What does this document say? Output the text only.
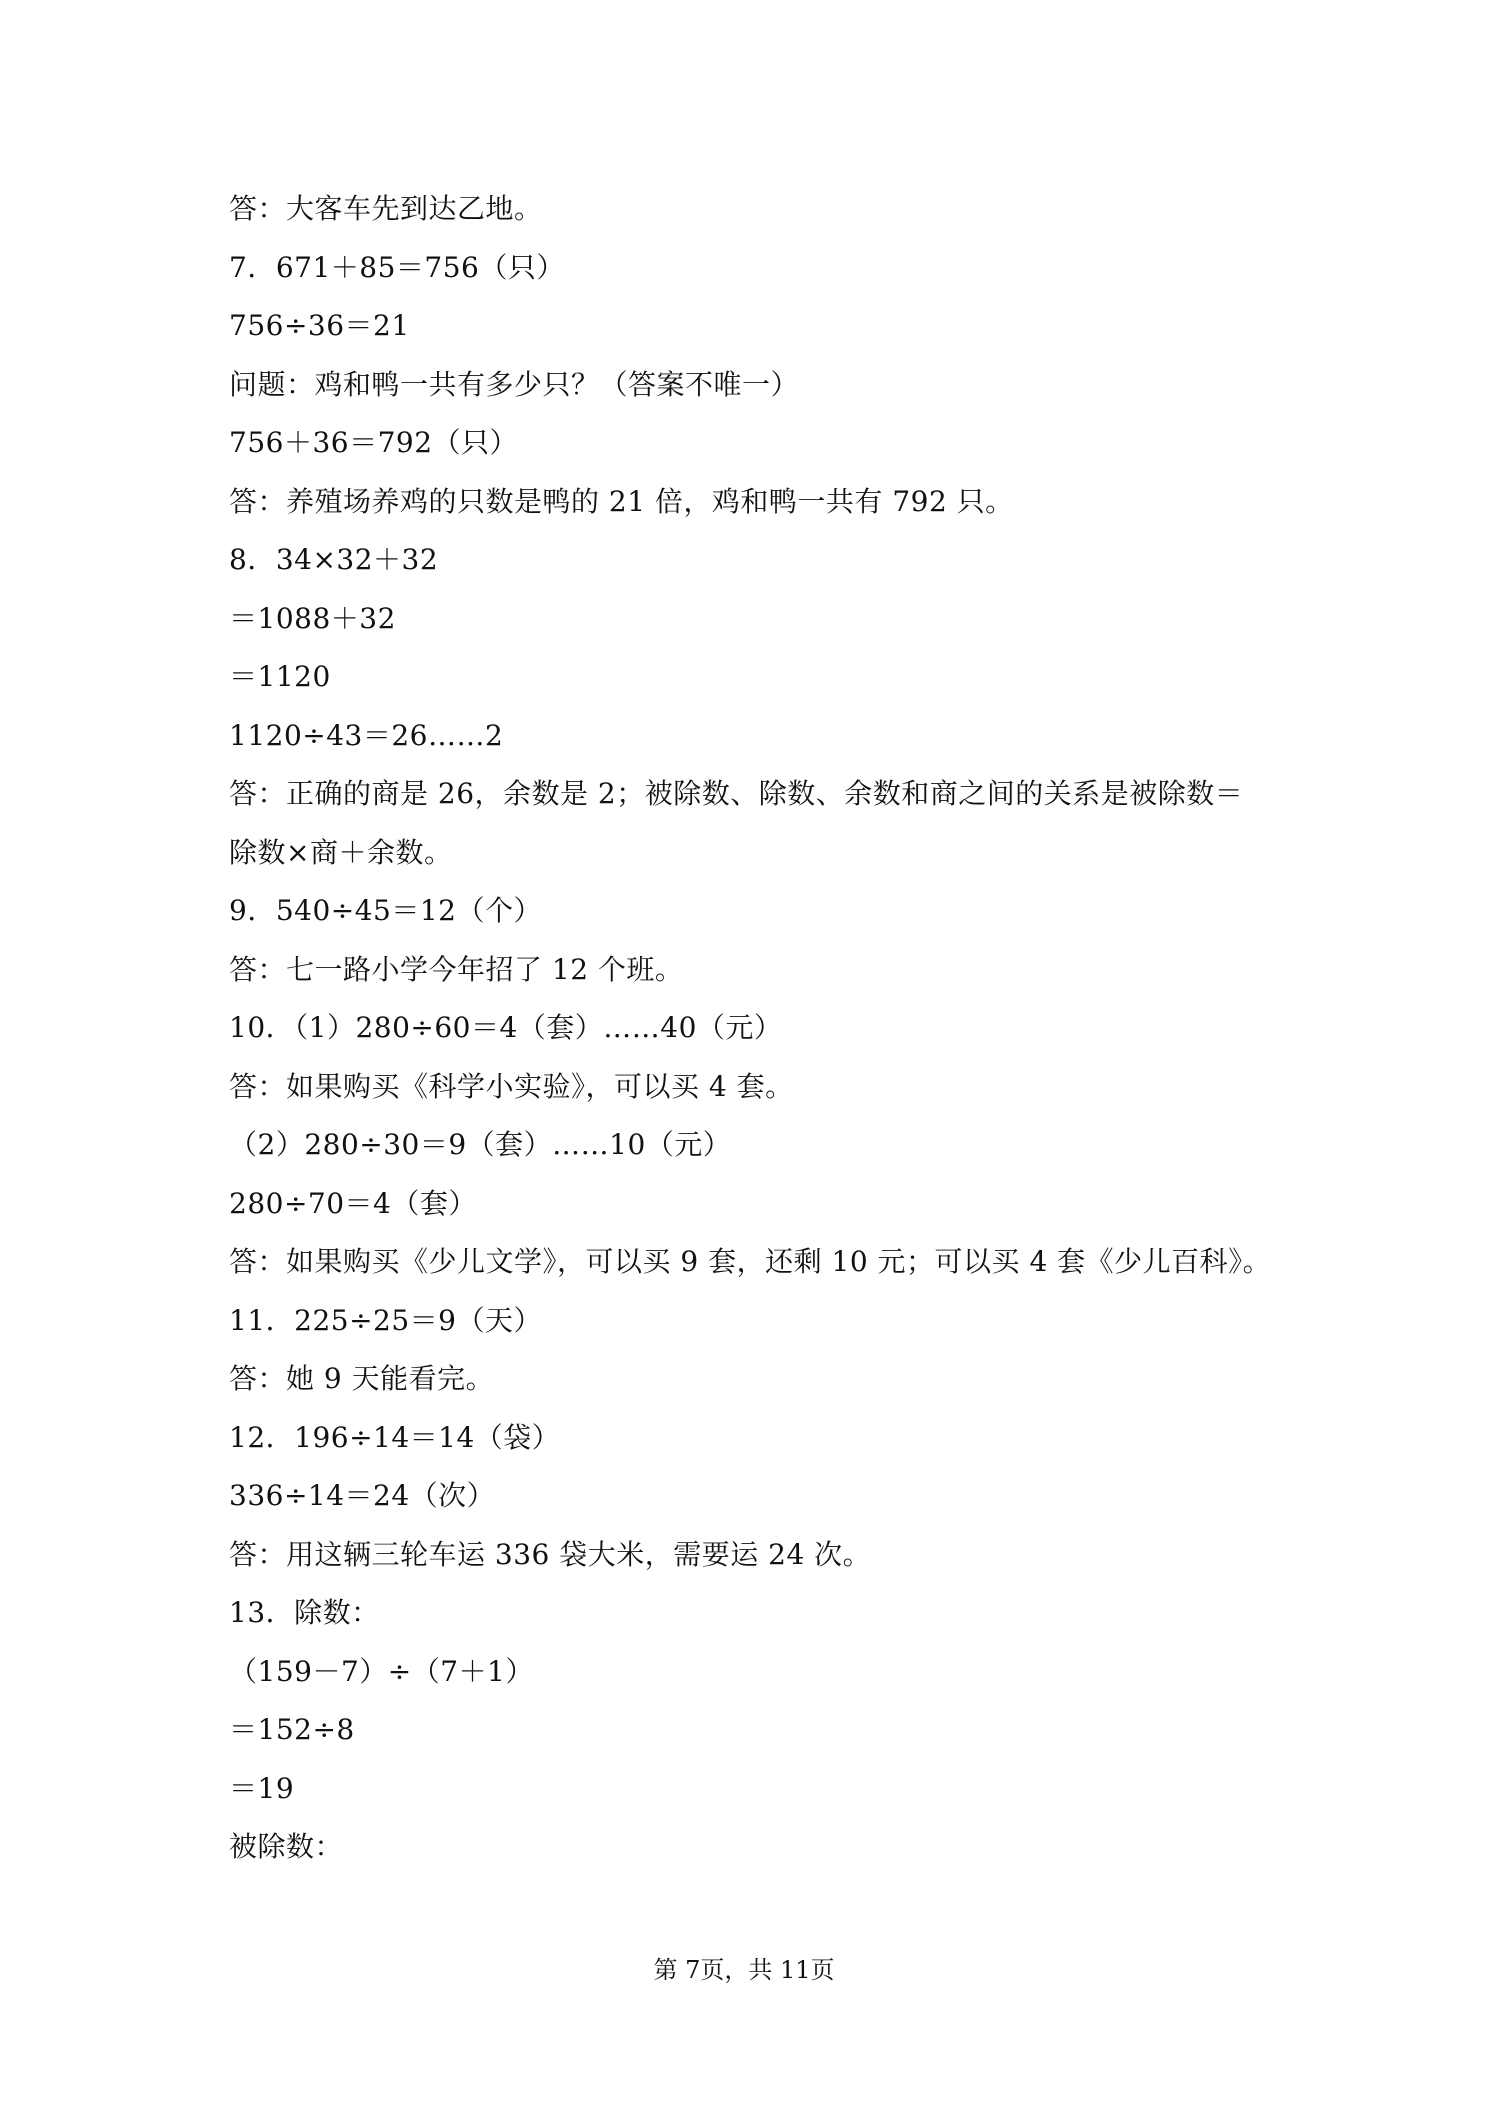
答：大客车先到达乙地。
7．671＋85＝756（只）
756÷36＝21
问题：鸡和鸭一共有多少只？（答案不唯一）
756＋36＝792（只）
答：养殖场养鸡的只数是鸭的 21 倍，鸡和鸭一共有 792 只。
8．34×32＋32
＝1088＋32
＝1120
1120÷43＝26……2
答：正确的商是 26，余数是 2；被除数、除数、余数和商之间的关系是被除数＝
除数×商＋余数。
9．540÷45＝12（个）
答：七一路小学今年招了 12 个班。
10．（1）280÷60＝4（套）……40（元）
答：如果购买《科学小实验》，可以买 4 套。
（2）280÷30＝9（套）……10（元）
280÷70＝4（套）
答：如果购买《少儿文学》，可以买 9 套，还剩 10 元；可以买 4 套《少儿百科》。
11．225÷25＝9（天）
答：她 9 天能看完。
12．196÷14＝14（袋）
336÷14＝24（次）
答：用这辆三轮车运 336 袋大米，需要运 24 次。
13．除数：
（159－7）÷（7＋1）
＝152÷8
＝19
被除数：
第 7页，共 11页
